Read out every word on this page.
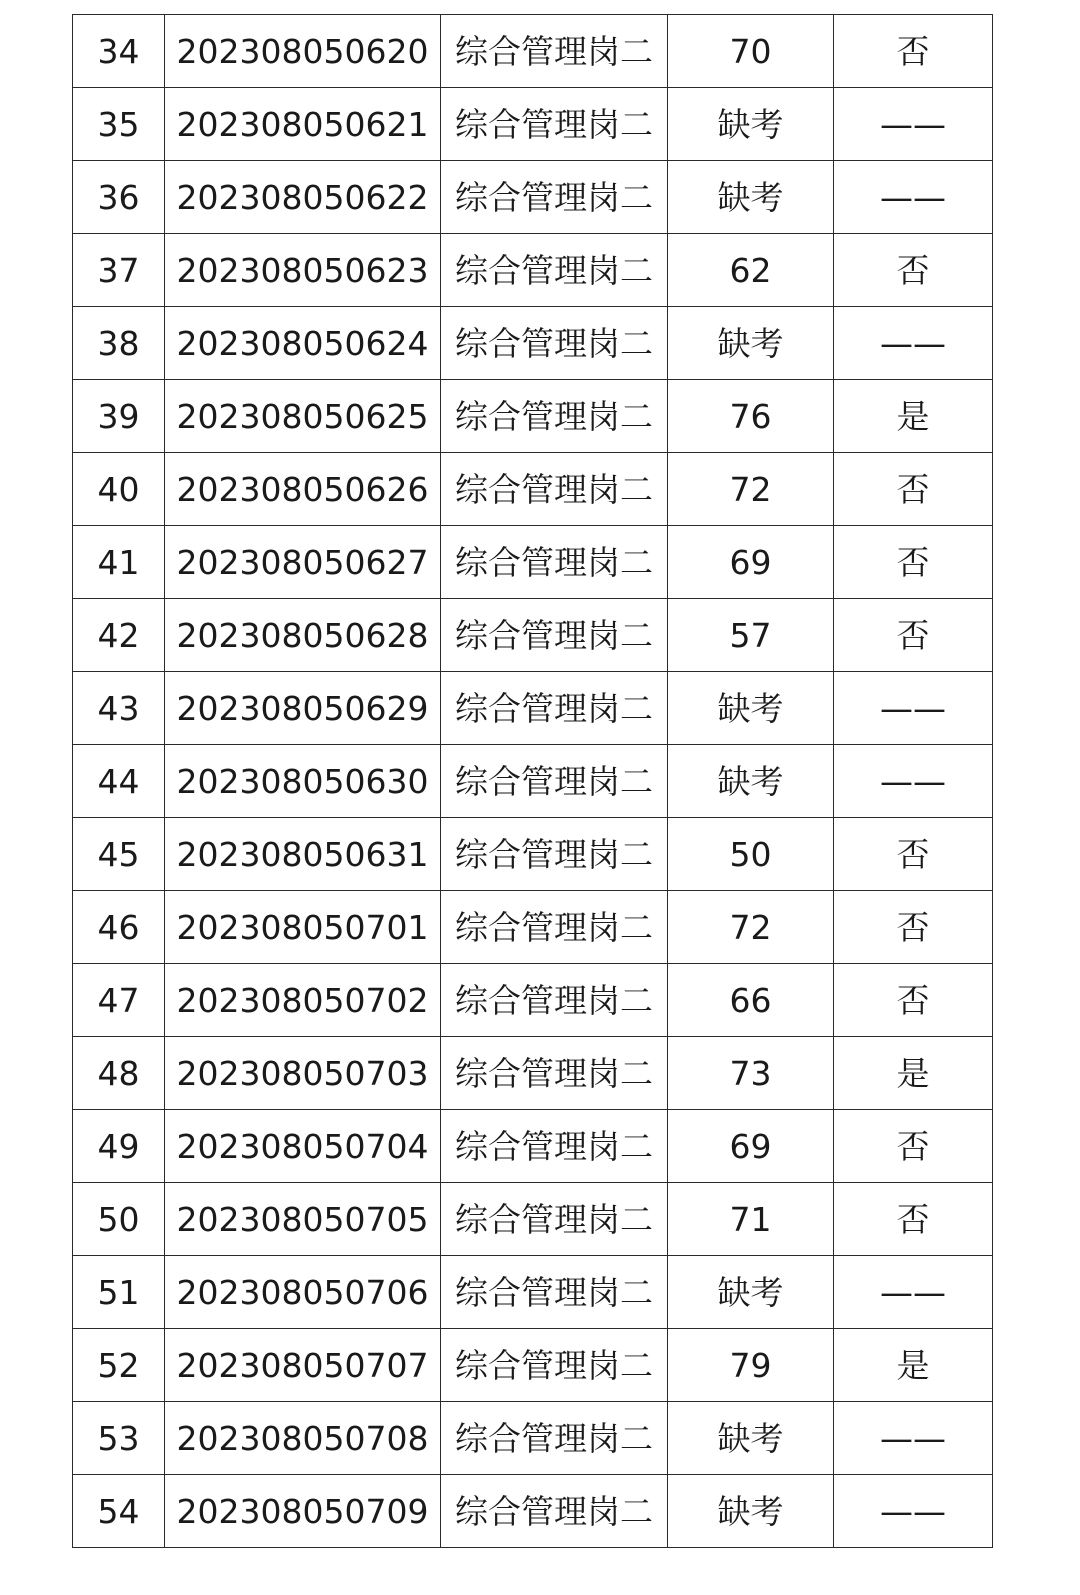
34	202308050620	综合管理岗二	70	否
35	202308050621	综合管理岗二	缺考	——
36	202308050622	综合管理岗二	缺考	——
37	202308050623	综合管理岗二	62	否
38	202308050624	综合管理岗二	缺考	——
39	202308050625	综合管理岗二	76	是
40	202308050626	综合管理岗二	72	否
41	202308050627	综合管理岗二	69	否
42	202308050628	综合管理岗二	57	否
43	202308050629	综合管理岗二	缺考	——
44	202308050630	综合管理岗二	缺考	——
45	202308050631	综合管理岗二	50	否
46	202308050701	综合管理岗二	72	否
47	202308050702	综合管理岗二	66	否
48	202308050703	综合管理岗二	73	是
49	202308050704	综合管理岗二	69	否
50	202308050705	综合管理岗二	71	否
51	202308050706	综合管理岗二	缺考	——
52	202308050707	综合管理岗二	79	是
53	202308050708	综合管理岗二	缺考	——
54	202308050709	综合管理岗二	缺考	——
